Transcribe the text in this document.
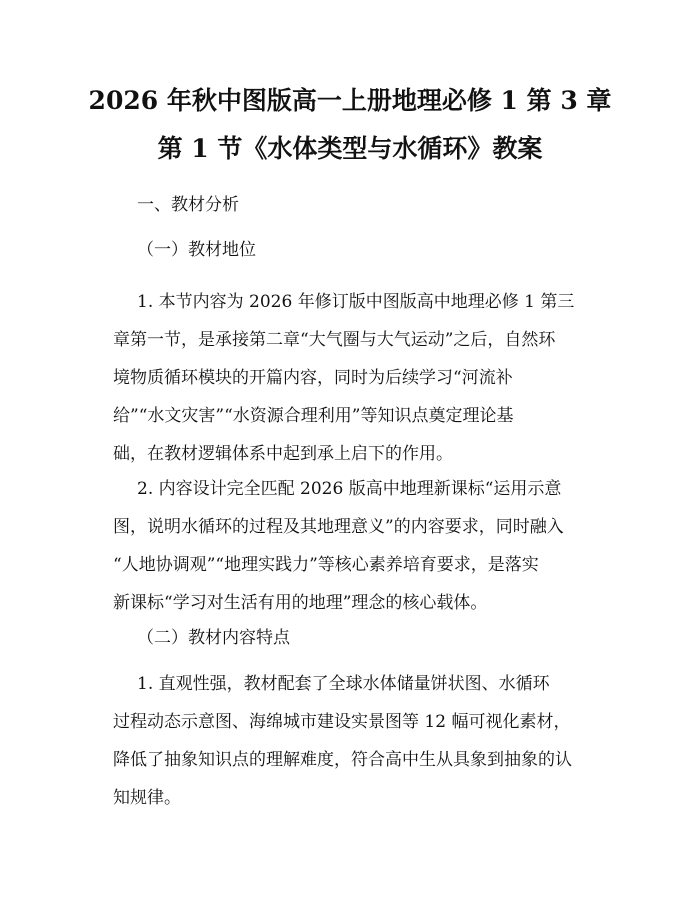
2026 年秋中图版高一上册地理必修 1 第 3 章
第 1 节《水体类型与水循环》教案
一、教材分析
（一）教材地位
1. 本节内容为 2026 年修订版中图版高中地理必修 1 第三
章第一节，是承接第二章“大气圈与大气运动”之后，自然环
境物质循环模块的开篇内容，同时为后续学习“河流补
给”“水文灾害”“水资源合理利用”等知识点奠定理论基
础，在教材逻辑体系中起到承上启下的作用。
2. 内容设计完全匹配 2026 版高中地理新课标“运用示意
图，说明水循环的过程及其地理意义”的内容要求，同时融入
“人地协调观”“地理实践力”等核心素养培育要求，是落实
新课标“学习对生活有用的地理”理念的核心载体。
（二）教材内容特点
1. 直观性强，教材配套了全球水体储量饼状图、水循环
过程动态示意图、海绵城市建设实景图等 12 幅可视化素材，
降低了抽象知识点的理解难度，符合高中生从具象到抽象的认
知规律。
